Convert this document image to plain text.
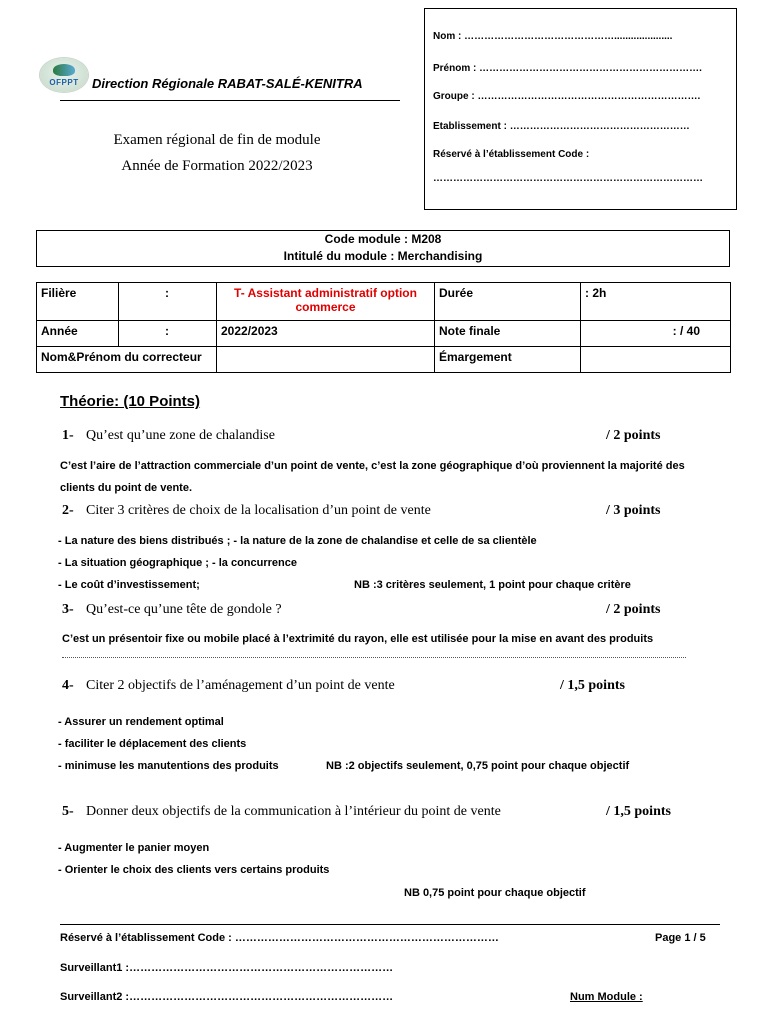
OFPPT	Direction Régionale RABAT-SALÉ-KENITRA
Examen régional de fin de module
Année de Formation 2022/2023
Nom : ……………………………………….....................
Prénom : ………………………………………………………….
Groupe : ………………………………………………………….
Etablissement : ………………………………………………
Réservé à l’établissement Code :
………………………………………………………………………
Code module : M208
Intitulé du module : Merchandising
Filière	:	T- Assistant administratif option commerce	Durée	: 2h
Année	:	2022/2023	Note finale	: / 40
Nom&Prénom du correcteur			Émargement	
Théorie: (10 Points)
1- Qu’est qu’une zone de chalandise	/ 2 points
C’est l’aire de l’attraction commerciale d’un point de vente, c’est la zone géographique d’où proviennent la majorité des
clients du point de vente.
2- Citer 3 critères de choix de la localisation d’un point de vente	/ 3 points
- La nature des biens distribués ; - la nature de la zone de chalandise et celle de sa clientèle
- La situation géographique ; - la concurrence
- Le coût d’investissement;	NB :3 critères seulement, 1 point pour chaque critère
3- Qu’est-ce qu’une tête de gondole ?	/ 2 points
C’est un présentoir fixe ou mobile placé à l’extrimité du rayon, elle est utilisée pour la mise en avant des produits
4- Citer 2 objectifs de l’aménagement d’un point de vente	/ 1,5 points
- Assurer un rendement optimal
- faciliter le déplacement des clients
- minimuse les manutentions des produits	NB :2 objectifs seulement, 0,75 point pour chaque objectif
5- Donner deux objectifs de la communication à l’intérieur du point de vente	/ 1,5 points
- Augmenter le panier moyen
- Orienter le choix des clients vers certains produits
NB 0,75 point pour chaque objectif
Réservé à l’établissement Code : ………………………………………………………………	Page 1 / 5
Surveillant1 :………………………………………………………………
Surveillant2 :………………………………………………………………	Num Module :
